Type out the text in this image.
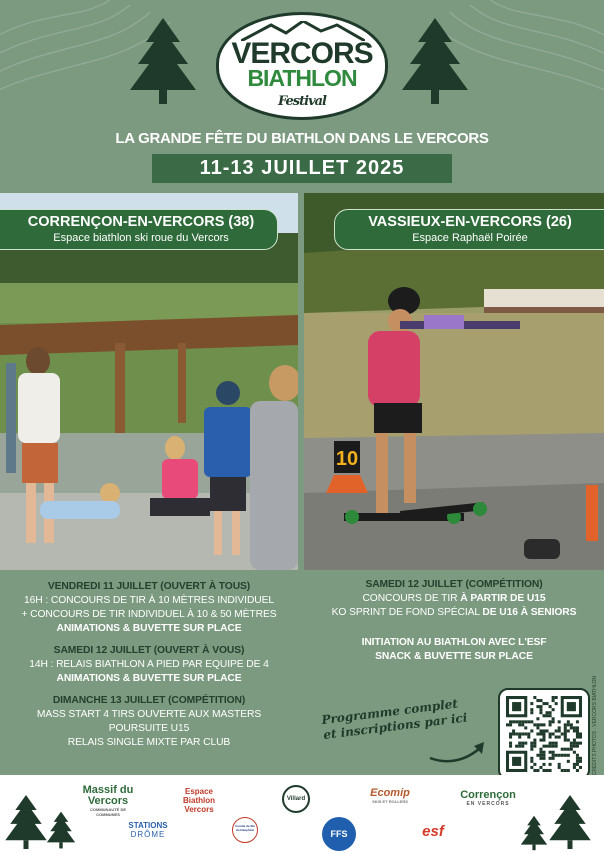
VERCORS
BIATHLON
Festival
LA GRANDE FÊTE DU BIATHLON DANS LE VERCORS
11-13 JUILLET 2025
10
CORRENÇON-EN-VERCORS (38)
Espace biathlon ski roue du Vercors
VASSIEUX-EN-VERCORS (26)
Espace Raphaël Poirée
VENDREDI 11 JUILLET (OUVERT À TOUS)
16H : CONCOURS DE TIR À 10 MÈTRES INDIVIDUEL
+ CONCOURS DE TIR INDIVIDUEL À 10 & 50 MÈTRES
ANIMATIONS & BUVETTE SUR PLACE
SAMEDI 12 JUILLET (OUVERT À VOUS)
14H : RELAIS BIATHLON A PIED PAR EQUIPE DE 4
ANIMATIONS & BUVETTE SUR PLACE
DIMANCHE 13 JUILLET (COMPÉTITION)
MASS START 4 TIRS OUVERTE AUX MASTERS
POURSUITE U15
RELAIS SINGLE MIXTE PAR CLUB
SAMEDI 12 JUILLET (COMPÉTITION)
CONCOURS DE TIR À PARTIR DE U15
KO SPRINT DE FOND SPÉCIAL DE U16 À SENIORS
INITIATION AU BIATHLON AVEC L'ESF
SNACK & BUVETTE SUR PLACE
Programme complet et inscriptions par ici	CRÉDITS PHOTOS : VERCORS BIATHLON
Massif du Vercors
COMMUNAUTÉ DE COMMUNES
Espace Biathlon Vercors
Villard	Ecomip
SKIS ET ROLLERS
Corrençon
EN VERCORS
STATIONS
DRÔME
Comité de Ski du Dauphiné	FFS	esf
